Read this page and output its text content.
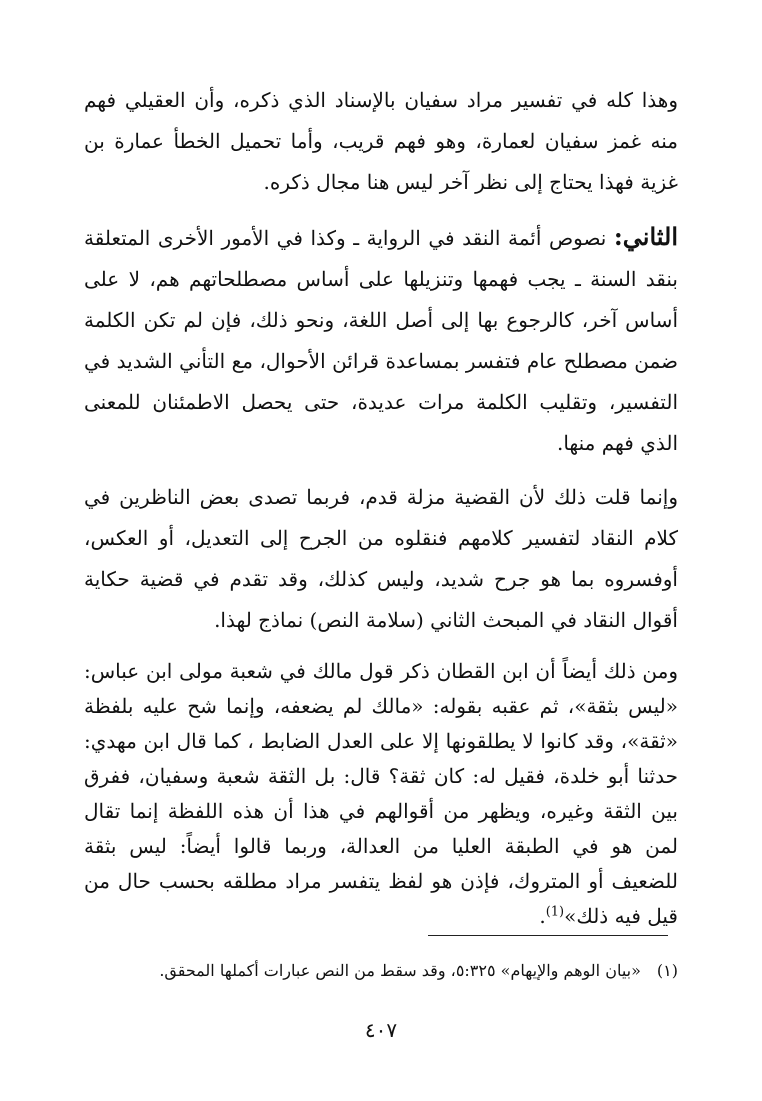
وهذا كله في تفسير مراد سفيان بالإسناد الذي ذكره، وأن العقيلي فهم منه غمز سفيان لعمارة، وهو فهم قريب، وأما تحميل الخطأ عمارة بن غزية فهذا يحتاج إلى نظر آخر ليس هنا مجال ذكره.

الثاني: نصوص أئمة النقد في الرواية ـ وكذا في الأمور الأخرى المتعلقة بنقد السنة ـ يجب فهمها وتنزيلها على أساس مصطلحاتهم هم، لا على أساس آخر، كالرجوع بها إلى أصل اللغة، ونحو ذلك، فإن لم تكن الكلمة ضمن مصطلح عام فتفسر بمساعدة قرائن الأحوال، مع التأني الشديد في التفسير، وتقليب الكلمة مرات عديدة، حتى يحصل الاطمئنان للمعنى الذي فهم منها.

وإنما قلت ذلك لأن القضية مزلة قدم، فربما تصدى بعض الناظرين في كلام النقاد لتفسير كلامهم فنقلوه من الجرح إلى التعديل، أو العكس، أوفسروه بما هو جرح شديد، وليس كذلك، وقد تقدم في قضية حكاية أقوال النقاد في المبحث الثاني (سلامة النص) نماذج لهذا.

ومن ذلك أيضاً أن ابن القطان ذكر قول مالك في شعبة مولى ابن عباس: «ليس بثقة»، ثم عقبه بقوله: «مالك لم يضعفه، وإنما شح عليه بلفظة «ثقة»، وقد كانوا لا يطلقونها إلا على العدل الضابط ، كما قال ابن مهدي: حدثنا أبو خلدة، فقيل له: كان ثقة؟ قال: بل الثقة شعبة وسفيان، ففرق بين الثقة وغيره، ويظهر من أقوالهم في هذا أن هذه اللفظة إنما تقال لمن هو في الطبقة العليا من العدالة، وربما قالوا أيضاً: ليس بثقة للضعيف أو المتروك، فإذن هو لفظ يتفسر مراد مطلقه بحسب حال من قيل فيه ذلك»$^{(1)}$.

(١)«بيان الوهم والإيهام» ٥:٣٢٥، وقد سقط من النص عبارات أكملها المحقق.

٤٠٧
